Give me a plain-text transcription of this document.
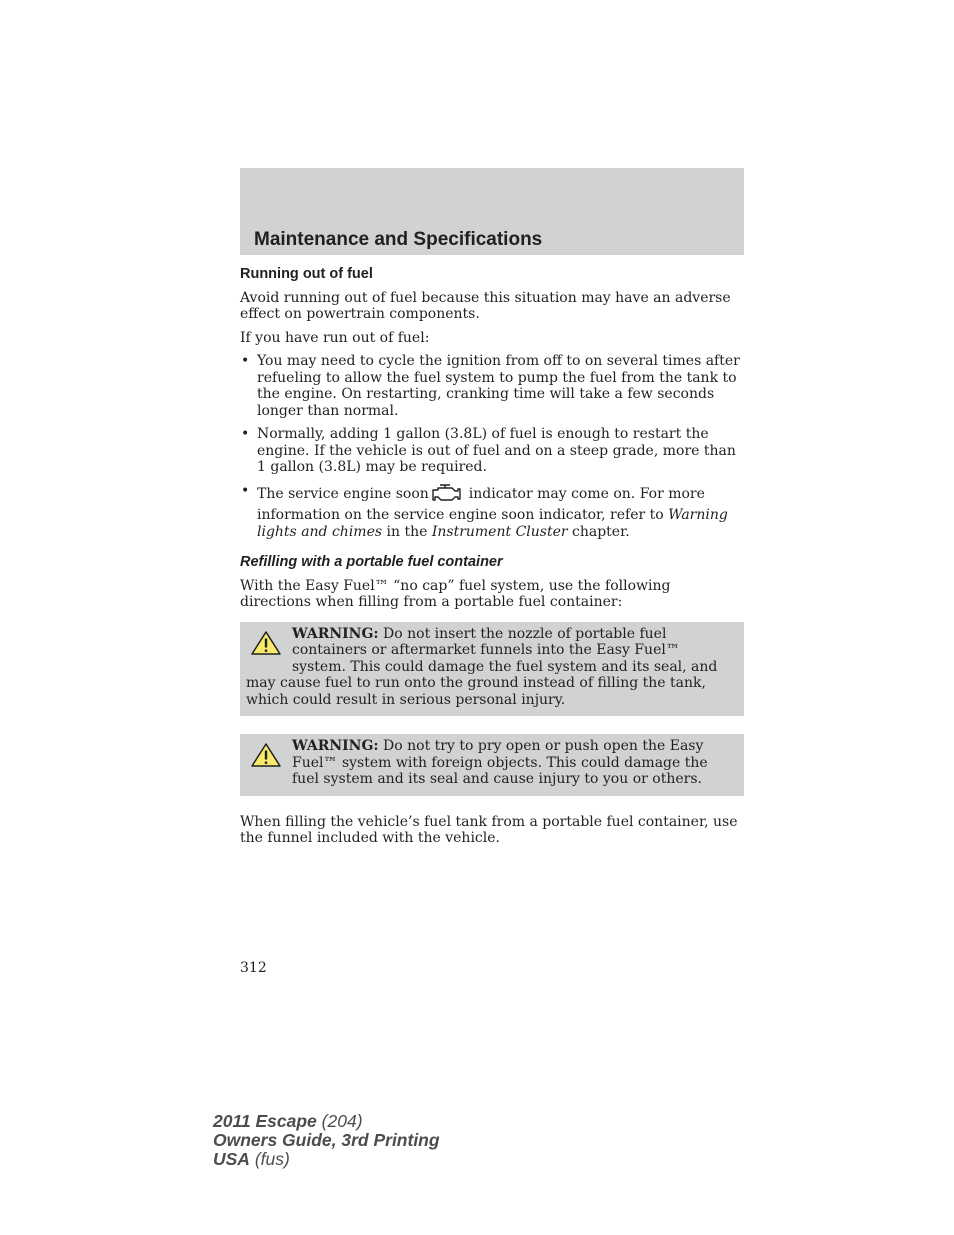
Maintenance and Specifications
Running out of fuel

Avoid running out of fuel because this situation may have an adverse effect on powertrain components.

If you have run out of fuel:

• You may need to cycle the ignition from off to on several times after refueling to allow the fuel system to pump the fuel from the tank to the engine. On restarting, cranking time will take a few seconds longer than normal.
• Normally, adding 1 gallon (3.8L) of fuel is enough to restart the engine. If the vehicle is out of fuel and on a steep grade, more than 1 gallon (3.8L) may be required.
• The service engine soon	indicator may come on. For more information on the service engine soon indicator, refer to Warning lights and chimes in the Instrument Cluster chapter.
Refilling with a portable fuel container

With the Easy Fuel™ “no cap” fuel system, use the following directions when filling from a portable fuel container:

WARNING: Do not insert the nozzle of portable fuel containers or aftermarket funnels into the Easy Fuel™ system. This could damage the fuel system and its seal, and may cause fuel to run onto the ground instead of filling the tank, which could result in serious personal injury.
WARNING: Do not try to pry open or push open the Easy Fuel™ system with foreign objects. This could damage the fuel system and its seal and cause injury to you or others.

When filling the vehicle’s fuel tank from a portable fuel container, use the funnel included with the vehicle.

312
2011 Escape (204)
Owners Guide, 3rd Printing
USA (fus)
